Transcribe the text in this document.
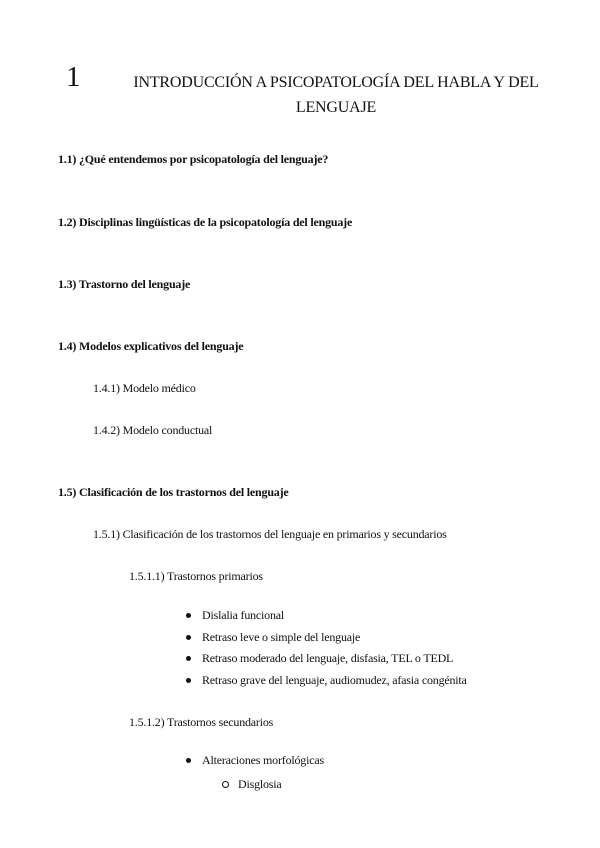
1	INTRODUCCIÓN A PSICOPATOLOGÍA DEL HABLA Y DEL LENGUAJE
1.1) ¿Qué entendemos por psicopatología del lenguaje?
1.2) Disciplinas lingüísticas de la psicopatología del lenguaje
1.3) Trastorno del lenguaje
1.4) Modelos explicativos del lenguaje
1.4.1) Modelo médico
1.4.2) Modelo conductual
1.5) Clasificación de los trastornos del lenguaje
1.5.1) Clasificación de los trastornos del lenguaje en primarios y secundarios
1.5.1.1) Trastornos primarios
Dislalia funcional
Retraso leve o simple del lenguaje
Retraso moderado del lenguaje, disfasia, TEL o TEDL
Retraso grave del lenguaje, audiomudez, afasia congénita
1.5.1.2) Trastornos secundarios
Alteraciones morfológicas
Disglosia
